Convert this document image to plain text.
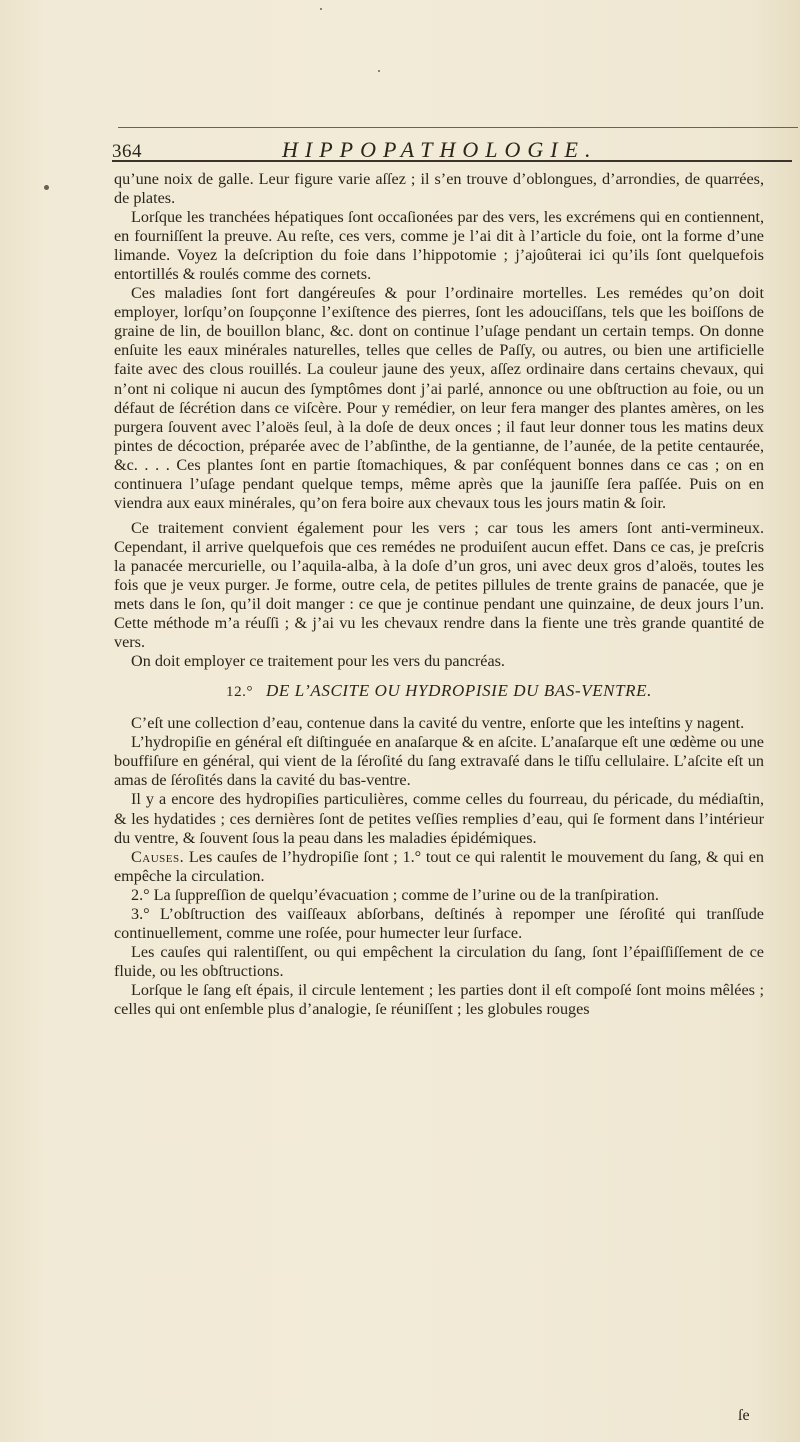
364	HIPPOPATHOLOGIE.

qu’une noix de galle. Leur figure varie aſſez ; il s’en trouve d’oblongues, d’arrondies, de quarrées, de plates.

Lorſque les tranchées hépatiques ſont occaſionées par des vers, les excrémens qui en contiennent, en fourniſſent la preuve. Au reſte, ces vers, comme je l’ai dit à l’article du foie, ont la forme d’une limande. Voyez la deſcription du foie dans l’hippotomie ; j’ajoûterai ici qu’ils ſont quelquefois entortillés & roulés comme des cornets.

Ces maladies ſont fort dangéreuſes & pour l’ordinaire mortelles. Les remédes qu’on doit employer, lorſqu’on ſoupçonne l’exiſtence des pierres, ſont les adouciſſans, tels que les boiſſons de graine de lin, de bouillon blanc, &c. dont on continue l’uſage pendant un certain temps. On donne enſuite les eaux minérales naturelles, telles que celles de Paſſy, ou autres, ou bien une artificielle faite avec des clous rouillés. La couleur jaune des yeux, aſſez ordinaire dans certains chevaux, qui n’ont ni colique ni aucun des ſymptômes dont j’ai parlé, annonce ou une obſtruction au foie, ou un défaut de ſécrétion dans ce viſcère. Pour y remédier, on leur fera manger des plantes amères, on les purgera ſouvent avec l’aloës ſeul, à la doſe de deux onces ; il faut leur donner tous les matins deux pintes de décoction, préparée avec de l’abſinthe, de la gentianne, de l’aunée, de la petite centaurée, &c. . . . Ces plantes ſont en partie ſtomachiques, & par conſéquent bonnes dans ce cas ; on en continuera l’uſage pendant quelque temps, même après que la jauniſſe ſera paſſée. Puis on en viendra aux eaux minérales, qu’on fera boire aux chevaux tous les jours matin & ſoir.

Ce traitement convient également pour les vers ; car tous les amers ſont anti-vermineux. Cependant, il arrive quelquefois que ces remédes ne produiſent aucun effet. Dans ce cas, je preſcris la panacée mercurielle, ou l’aquila-alba, à la doſe d’un gros, uni avec deux gros d’aloës, toutes les fois que je veux purger. Je forme, outre cela, de petites pillules de trente grains de panacée, que je mets dans le ſon, qu’il doit manger : ce que je continue pendant une quinzaine, de deux jours l’un. Cette méthode m’a réuſſi ; & j’ai vu les chevaux rendre dans la fiente une très grande quantité de vers.

On doit employer ce traitement pour les vers du pancréas.

12.° DE L’ASCITE OU HYDROPISIE DU BAS-VENTRE.

C’eſt une collection d’eau, contenue dans la cavité du ventre, enſorte que les inteſtins y nagent.

L’hydropiſie en général eſt diſtinguée en anaſarque & en aſcite. L’anaſarque eſt une œdème ou une bouffiſure en général, qui vient de la ſéroſité du ſang extravaſé dans le tiſſu cellulaire. L’aſcite eſt un amas de ſéroſités dans la cavité du bas-ventre.

Il y a encore des hydropiſies particulières, comme celles du fourreau, du péricade, du médiaſtin, & les hydatides ; ces dernières ſont de petites veſſies remplies d’eau, qui ſe forment dans l’intérieur du ventre, & ſouvent ſous la peau dans les maladies épidémiques.

Causes. Les cauſes de l’hydropiſie ſont ; 1.° tout ce qui ralentit le mouvement du ſang, & qui en empêche la circulation.

2.° La ſuppreſſion de quelqu’évacuation ; comme de l’urine ou de la tranſpiration.

3.° L’obſtruction des vaiſſeaux abſorbans, deſtinés à repomper une ſéroſité qui tranſſude continuellement, comme une roſée, pour humecter leur ſurface.

Les cauſes qui ralentiſſent, ou qui empêchent la circulation du ſang, ſont l’épaiſſiſſement de ce fluide, ou les obſtructions.

Lorſque le ſang eſt épais, il circule lentement ; les parties dont il eſt compoſé ſont moins mêlées ; celles qui ont enſemble plus d’analogie, ſe réuniſſent ; les globules rouges

ſe
